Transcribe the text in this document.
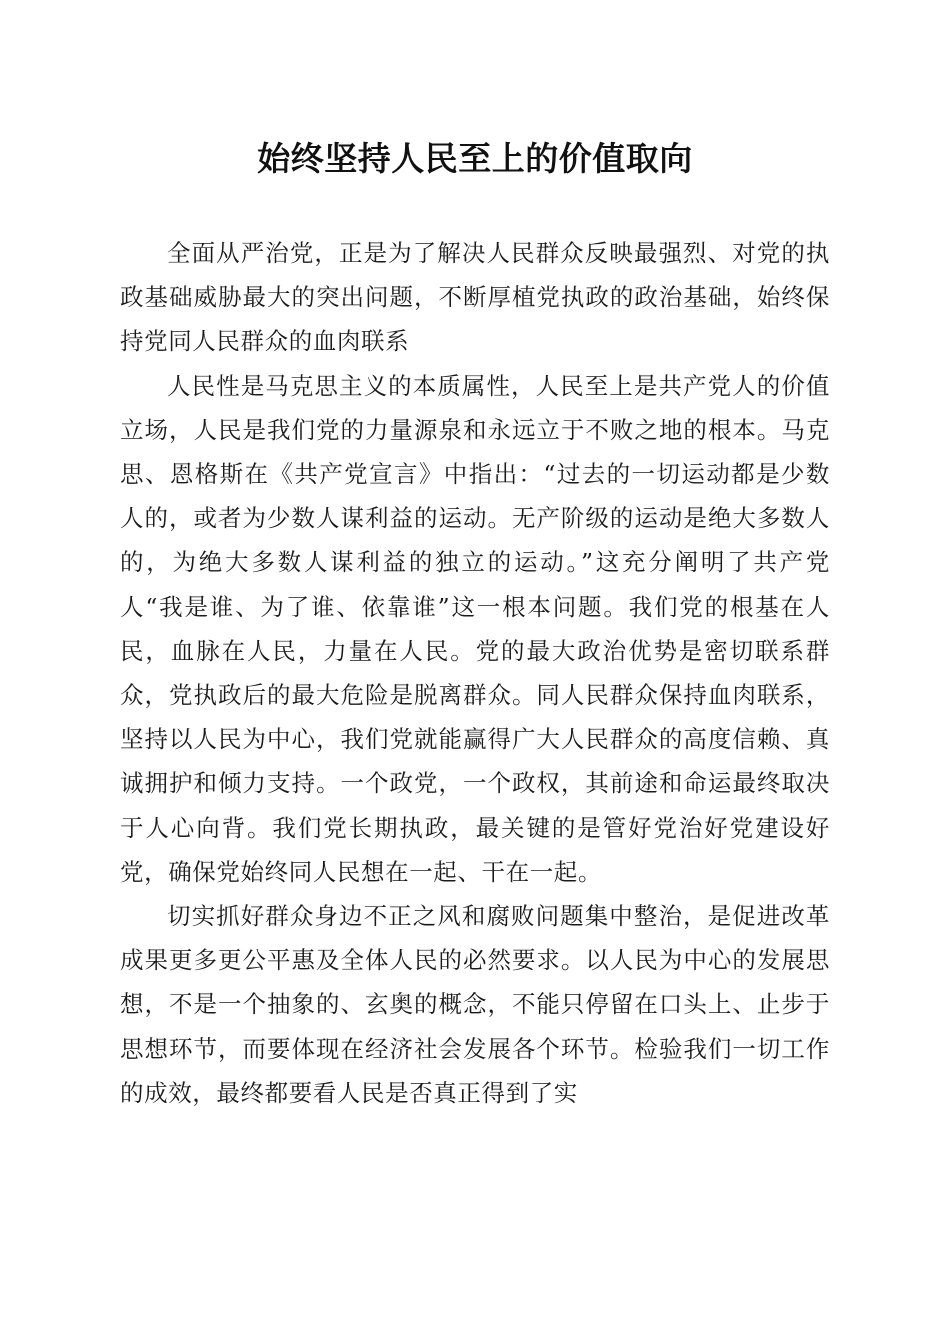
始终坚持人民至上的价值取向

全面从严治党，正是为了解决人民群众反映最强烈、对党的执政基础威胁最大的突出问题，不断厚植党执政的政治基础，始终保持党同人民群众的血肉联系

人民性是马克思主义的本质属性，人民至上是共产党人的价值立场，人民是我们党的力量源泉和永远立于不败之地的根本。马克思、恩格斯在《共产党宣言》中指出：“过去的一切运动都是少数人的，或者为少数人谋利益的运动。无产阶级的运动是绝大多数人的，为绝大多数人谋利益的独立的运动。”这充分阐明了共产党人“我是谁、为了谁、依靠谁”这一根本问题。我们党的根基在人民，血脉在人民，力量在人民。党的最大政治优势是密切联系群众，党执政后的最大危险是脱离群众。同人民群众保持血肉联系，坚持以人民为中心，我们党就能赢得广大人民群众的高度信赖、真诚拥护和倾力支持。一个政党，一个政权，其前途和命运最终取决于人心向背。我们党长期执政，最关键的是管好党治好党建设好党，确保党始终同人民想在一起、干在一起。

切实抓好群众身边不正之风和腐败问题集中整治，是促进改革成果更多更公平惠及全体人民的必然要求。以人民为中心的发展思想，不是一个抽象的、玄奥的概念，不能只停留在口头上、止步于思想环节，而要体现在经济社会发展各个环节。检验我们一切工作的成效，最终都要看人民是否真正得到了实
